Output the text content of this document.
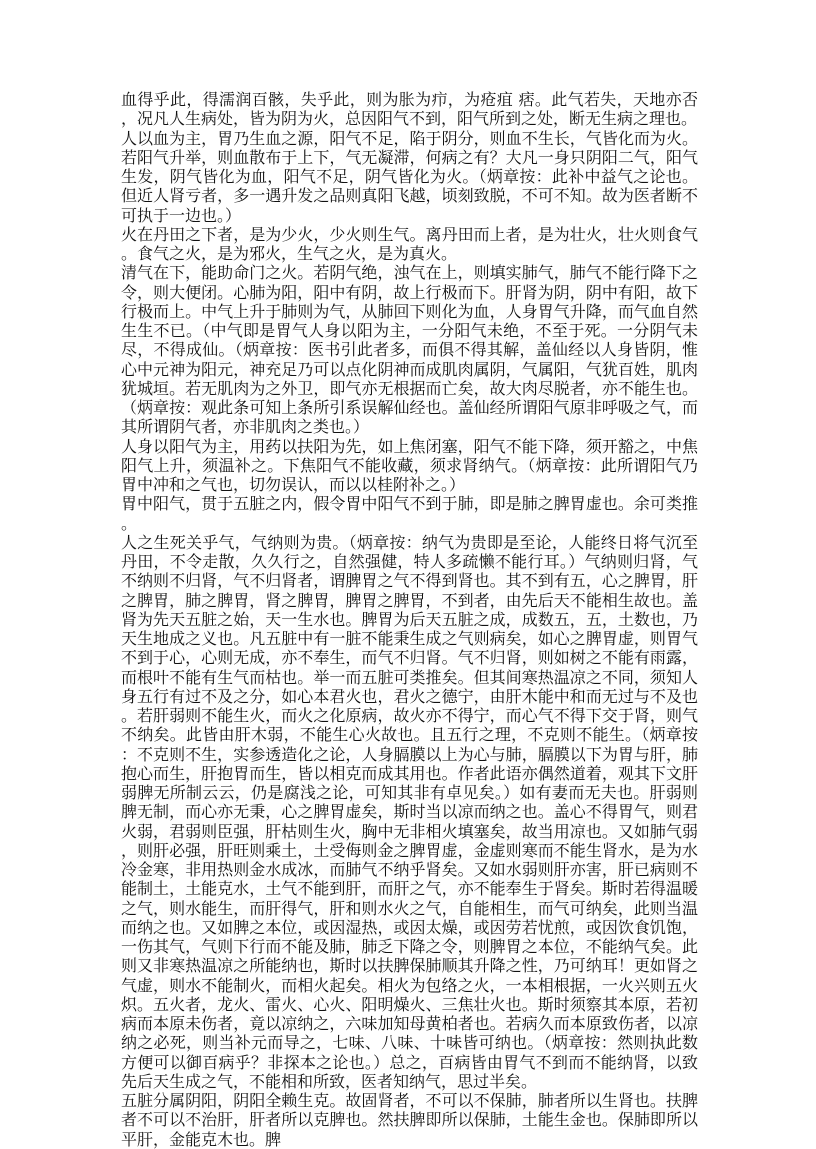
血得乎此，得濡润百骸，失乎此，则为胀为疖，为疮疽 痞。此气若失，天地亦否，况凡人生病处，皆为阴为火，总因阳气不到，阳气所到之处，断无生病之理也。

人以血为主，胃乃生血之源，阳气不足，陷于阴分，则血不生长，气皆化而为火。若阳气升举，则血散布于上下，气无凝滞，何病之有？大凡一身只阴阳二气，阳气生发，阴气皆化为血，阳气不足，阴气皆化为火。（炳章按：此补中益气之论也。但近人肾亏者，多一遇升发之品则真阳飞越，顷刻致脱，不可不知。故为医者断不可执于一边也。）

火在丹田之下者，是为少火，少火则生气。离丹田而上者，是为壮火，壮火则食气。食气之火，是为邪火，生气之火，是为真火。

清气在下，能助命门之火。若阴气绝，浊气在上，则填实肺气，肺气不能行降下之令，则大便闭。心肺为阳，阳中有阴，故上行极而下。肝肾为阴，阴中有阳，故下行极而上。中气上升于肺则为气，从肺回下则化为血，人身胃气升降，而气血自然生生不已。（中气即是胃气人身以阳为主，一分阳气未绝，不至于死。一分阴气未尽，不得成仙。（炳章按：医书引此者多，而俱不得其解，盖仙经以人身皆阴，惟心中元神为阳元，神充足乃可以点化阴神而成肌肉属阴，气属阳，气犹百姓，肌肉犹城垣。若无肌肉为之外卫，即气亦无根据而亡矣，故大肉尽脱者，亦不能生也。（炳章按：观此条可知上条所引系误解仙经也。盖仙经所谓阳气原非呼吸之气，而其所谓阴气者，亦非肌肉之类也。）

人身以阳气为主，用药以扶阳为先，如上焦闭塞，阳气不能下降，须开豁之，中焦阳气上升，须温补之。下焦阳气不能收藏，须求肾纳气。（炳章按：此所谓阳气乃胃中冲和之气也，切勿误认，而以以桂附补之。）

胃中阳气，贯于五脏之内，假令胃中阳气不到于肺，即是肺之脾胃虚也。余可类推。

人之生死关乎气，气纳则为贵。（炳章按：纳气为贵即是至论，人能终日将气沉至丹田，不令走散，久久行之，自然强健，特人多疏懒不能行耳。）气纳则归肾，气不纳则不归肾，气不归肾者，谓脾胃之气不得到肾也。其不到有五，心之脾胃，肝之脾胃，肺之脾胃，肾之脾胃，脾胃之脾胃，不到者，由先后天不能相生故也。盖肾为先天五脏之始，天一生水也。脾胃为后天五脏之成，成数五，五，土数也，乃天生地成之义也。凡五脏中有一脏不能秉生成之气则病矣，如心之脾胃虚，则胃气不到于心，心则无成，亦不奉生，而气不归肾。气不归肾，则如树之不能有雨露，而根叶不能有生气而枯也。举一而五脏可类推矣。但其间寒热温凉之不同，须知人身五行有过不及之分，如心本君火也，君火之德宁，由肝木能中和而无过与不及也。若肝弱则不能生火，而火之化原病，故火亦不得宁，而心气不得下交于肾，则气不纳矣。此皆由肝木弱，不能生心火故也。且五行之理，不克则不能生。（炳章按：不克则不生，实参透造化之论，人身膈膜以上为心与肺，膈膜以下为胃与肝，肺抱心而生，肝抱胃而生，皆以相克而成其用也。作者此语亦偶然道着，观其下文肝弱脾无所制云云，仍是腐浅之论，可知其非有卓见矣。）如有妻而无夫也。肝弱则脾无制，而心亦无秉，心之脾胃虚矣，斯时当以凉而纳之也。盖心不得胃气，则君火弱，君弱则臣强，肝枯则生火，胸中无非相火填塞矣，故当用凉也。又如肺气弱，则肝必强，肝旺则乘土，土受侮则金之脾胃虚，金虚则寒而不能生肾水，是为水冷金寒，非用热则金水成冰，而肺气不纳乎肾矣。又如水弱则肝亦害，肝已病则不能制土，土能克水，土气不能到肝，而肝之气，亦不能奉生于肾矣。斯时若得温暖之气，则水能生，而肝得气，肝和则水火之气，自能相生，而气可纳矣，此则当温而纳之也。又如脾之本位，或因湿热，或因太燥，或因劳若忧煎，或因饮食饥饱，一伤其气，气则下行而不能及肺，肺乏下降之令，则脾胃之本位，不能纳气矣。此则又非寒热温凉之所能纳也，斯时以扶脾保肺顺其升降之性，乃可纳耳！更如肾之气虚，则水不能制火，而相火起矣。相火为包络之火，一本相根据，一火兴则五火炽。五火者，龙火、雷火、心火、阳明燥火、三焦壮火也。斯时须察其本原，若初病而本原未伤者，竟以凉纳之，六味加知母黄柏者也。若病久而本原致伤者，以凉纳之必死，则当补元而导之，七味、八味、十味皆可纳也。（炳章按：然则执此数方便可以御百病乎？非探本之论也。）总之，百病皆由胃气不到而不能纳肾，以致先后天生成之气，不能相和所致，医者知纳气，思过半矣。

五脏分属阴阳，阴阳全赖生克。故固肾者，不可以不保肺，肺者所以生肾也。扶脾者不可以不治肝，肝者所以克脾也。然扶脾即所以保肺，土能生金也。保肺即所以平肝，金能克木也。脾
